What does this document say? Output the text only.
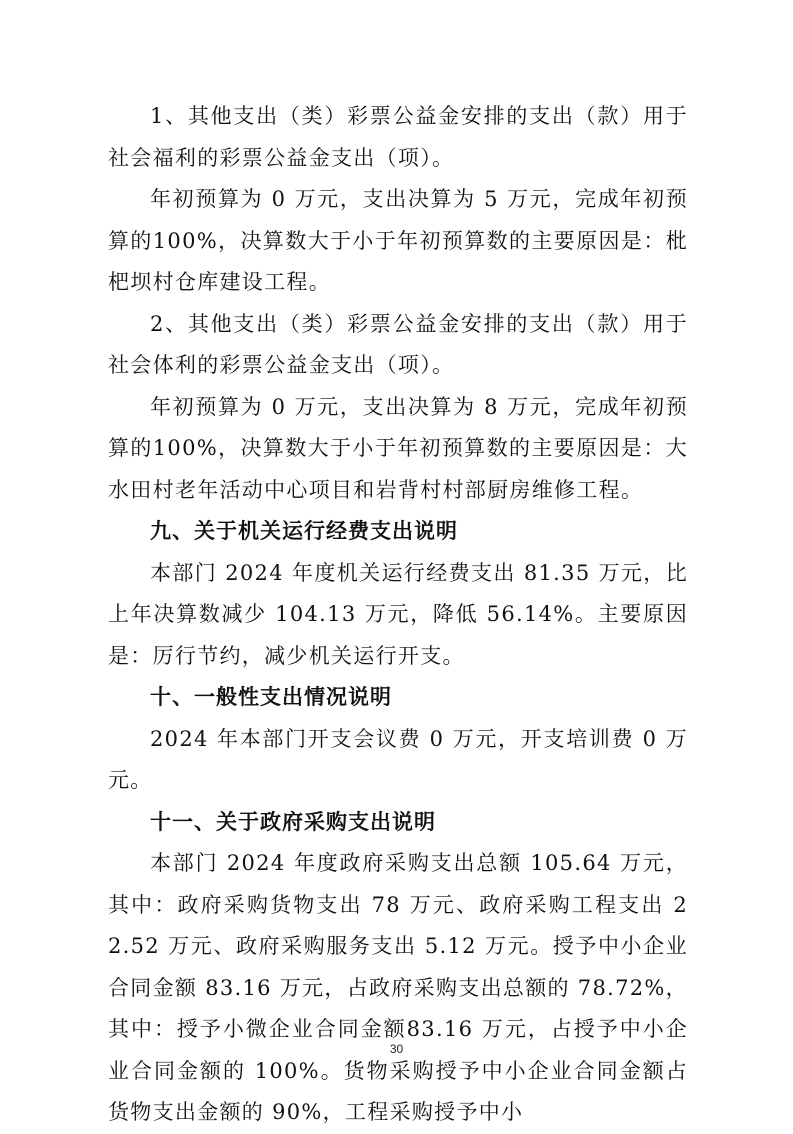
1、其他支出（类）彩票公益金安排的支出（款）用于社会福利的彩票公益金支出（项）。

年初预算为 0 万元，支出决算为 5 万元，完成年初预算的100%，决算数大于小于年初预算数的主要原因是：枇杷坝村仓库建设工程。

2、其他支出（类）彩票公益金安排的支出（款）用于社会体利的彩票公益金支出（项）。

年初预算为 0 万元，支出决算为 8 万元，完成年初预算的100%，决算数大于小于年初预算数的主要原因是：大水田村老年活动中心项目和岩背村村部厨房维修工程。

九、关于机关运行经费支出说明

本部门 2024 年度机关运行经费支出 81.35 万元，比上年决算数减少 104.13 万元，降低 56.14%。主要原因是：厉行节约，减少机关运行开支。

十、一般性支出情况说明

2024 年本部门开支会议费 0 万元，开支培训费 0 万元。

十一、关于政府采购支出说明

本部门 2024 年度政府采购支出总额 105.64 万元，其中：政府采购货物支出 78 万元、政府采购工程支出 22.52 万元、政府采购服务支出 5.12 万元。授予中小企业合同金额 83.16 万元，占政府采购支出总额的 78.72%，其中：授予小微企业合同金额83.16 万元，占授予中小企业合同金额的 100%。货物采购授予中小企业合同金额占货物支出金额的 90%，工程采购授予中小

30
